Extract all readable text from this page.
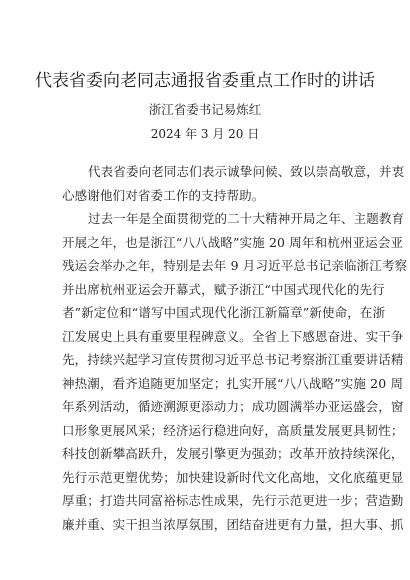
代表省委向老同志通报省委重点工作时的讲话
浙江省委书记易炼红
2024 年 3 月 20 日
代表省委向老同志们表示诚挚问候、致以崇高敬意，并衷
心感谢他们对省委工作的支持帮助。
过去一年是全面贯彻党的二十大精神开局之年、主题教育
开展之年，也是浙江“八八战略”实施 20 周年和杭州亚运会亚
残运会举办之年，特别是去年 9 月习近平总书记亲临浙江考察
并出席杭州亚运会开幕式，赋予浙江“中国式现代化的先行
者”新定位和“谱写中国式现代化浙江新篇章”新使命，在浙
江发展史上具有重要里程碑意义。全省上下感恩奋进、实干争
先，持续兴起学习宣传贯彻习近平总书记考察浙江重要讲话精
神热潮，看齐追随更加坚定；扎实开展“八八战略”实施 20 周
年系列活动，循迹溯源更添动力；成功圆满举办亚运盛会，窗
口形象更展风采；经济运行稳进向好，高质量发展更具韧性；
科技创新攀高跃升，发展引擎更为强劲；改革开放持续深化，
先行示范更塑优势；加快建设新时代文化高地，文化底蕴更显
厚重；打造共同富裕标志性成果，先行示范更进一步；营造勤
廉并重、实干担当浓厚氛围，团结奋进更有力量，担大事、抓
